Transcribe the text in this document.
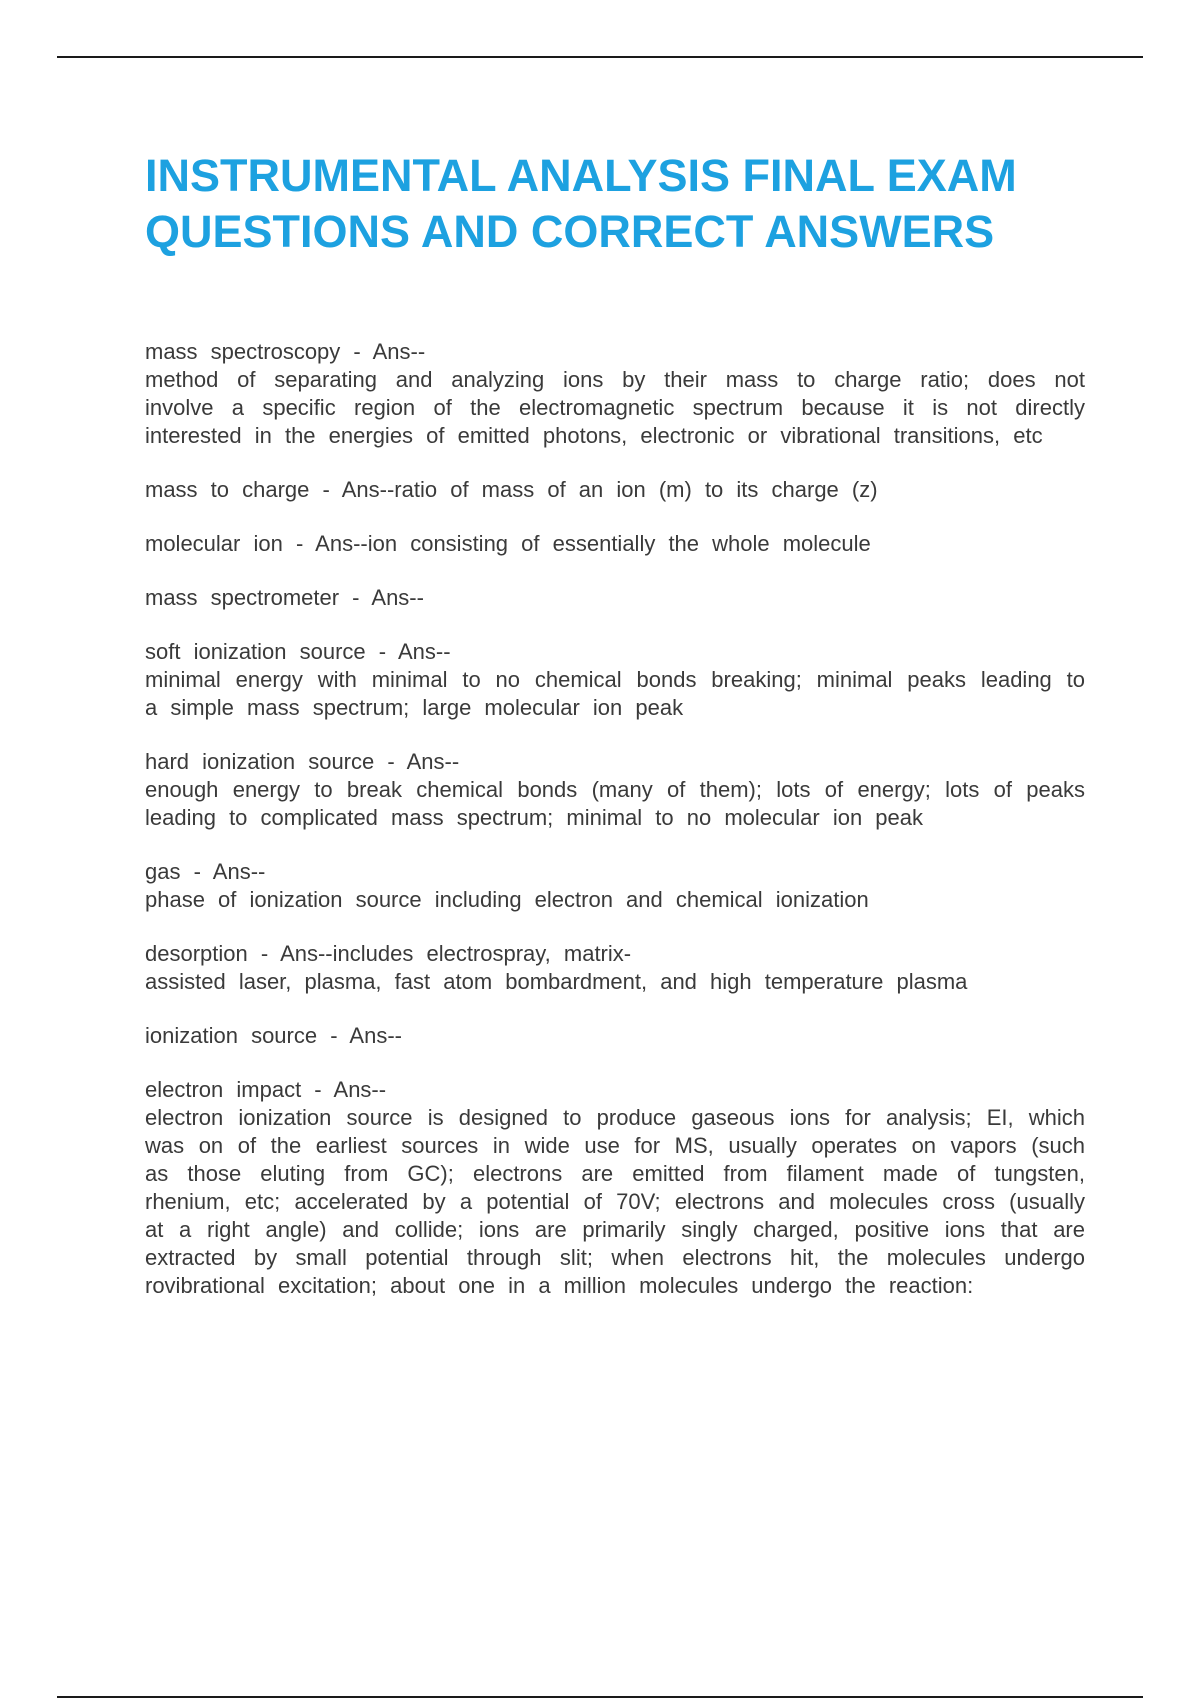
INSTRUMENTAL ANALYSIS FINAL EXAM QUESTIONS AND CORRECT ANSWERS
mass spectroscopy - Ans--
method of separating and analyzing ions by their mass to charge ratio; does not involve a specific region of the electromagnetic spectrum because it is not directly interested in the energies of emitted photons, electronic or vibrational transitions, etc
mass to charge - Ans--ratio of mass of an ion (m) to its charge (z)
molecular ion - Ans--ion consisting of essentially the whole molecule
mass spectrometer - Ans--
soft ionization source - Ans--
minimal energy with minimal to no chemical bonds breaking; minimal peaks leading to a simple mass spectrum; large molecular ion peak
hard ionization source - Ans--
enough energy to break chemical bonds (many of them); lots of energy; lots of peaks leading to complicated mass spectrum; minimal to no molecular ion peak
gas - Ans--
phase of ionization source including electron and chemical ionization
desorption - Ans--includes electrospray, matrix-
assisted laser, plasma, fast atom bombardment, and high temperature plasma
ionization source - Ans--
electron impact - Ans--
electron ionization source is designed to produce gaseous ions for analysis; EI, which was on of the earliest sources in wide use for MS, usually operates on vapors (such as those eluting from GC); electrons are emitted from filament made of tungsten, rhenium, etc; accelerated by a potential of 70V; electrons and molecules cross (usually at a right angle) and collide; ions are primarily singly charged, positive ions that are extracted by small potential through slit; when electrons hit, the molecules undergo rovibrational excitation; about one in a million molecules undergo the reaction:
